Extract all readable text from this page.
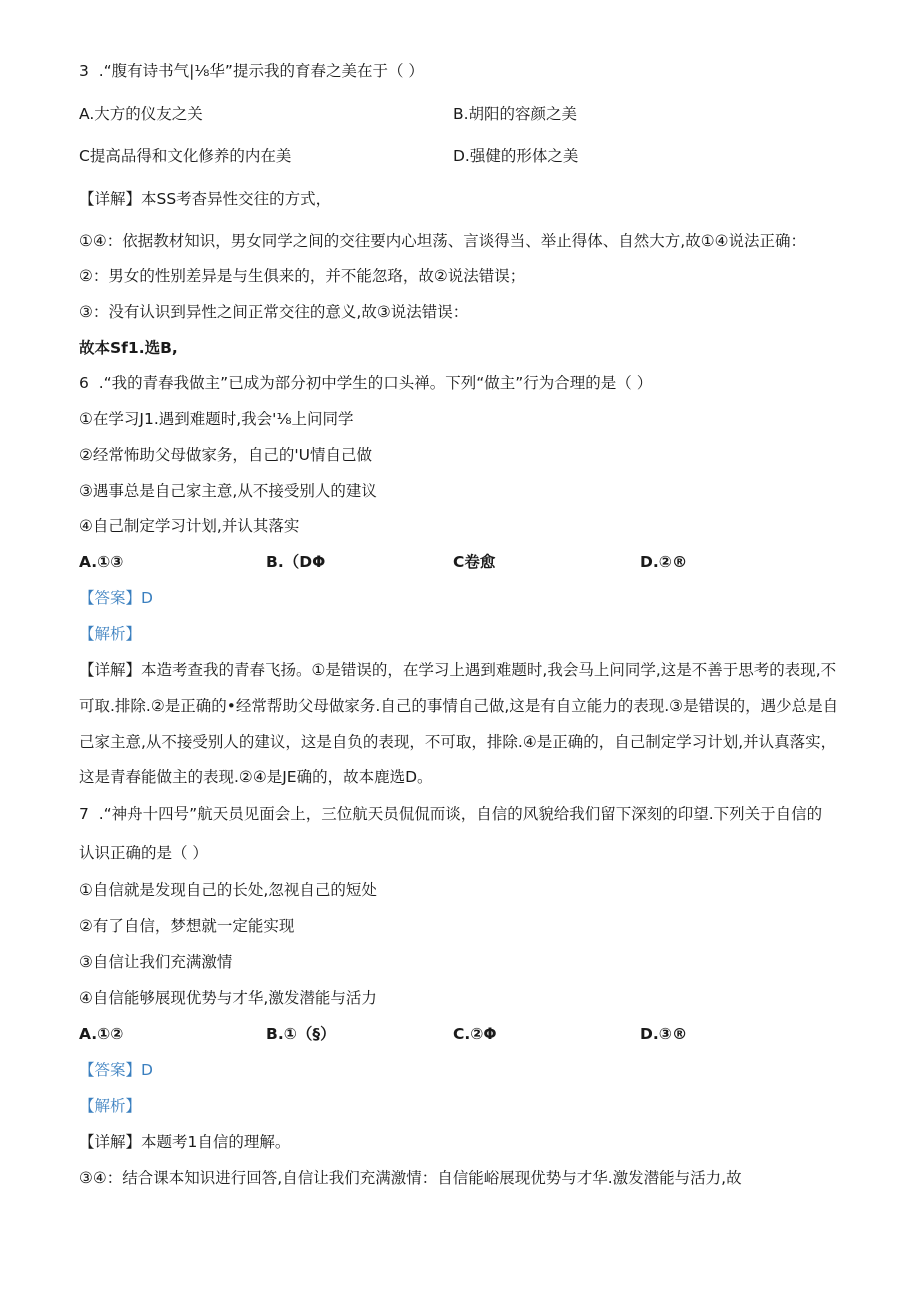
3  .“腹有诗书气|⅛华”提示我的育春之美在于（ ）
A.大方的仪友之关	B.胡阳的容颜之美
C提高品得和文化修养的内在美	D.强健的形体之美
【详解】本SS考杳异性交往的方式，
①④：依据教材知识，男女同学之间的交往要内心坦荡、言谈得当、举止得体、自然大方,故①④说法正确：
②：男女的性别差异是与生俱来的，并不能忽珞，故②说法错误；
③：没有认识到异性之间正常交往的意义,故③说法错误：
故本Sf1.选B,
6  .“我的青春我做主”已成为部分初中学生的口头禅。下列“做主”行为合理的是（ ）
①在学习J1.遇到难题时,我会'⅛上问同学
②经常怖助父母做家务，自己的'U情自己做
③遇事总是自己家主意,从不接受别人的建议
④自己制定学习计划,并认其落实
A.①③	B.（DΦ	C卷愈	D.②®
【答案】D
【解析】
【详解】本造考查我的青春飞扬。①是错误的，在学习上遇到难题时,我会马上问同学,这是不善于思考的表现,不
可取.排除.②是正确的•经常帮助父母做家务.自己的事情自己做,这是有自立能力的表现.③是错误的，遇少总是自
己家主意,从不接受别人的建议，这是自负的表现，不可取，排除.④是正确的，自己制定学习计划,并认真落实，
这是青春能做主的表现.②④是JE确的，故本鹿选D。
7  .“神舟十四号”航天员见面会上，三位航天员侃侃而谈，自信的风貌给我们留下深刻的印望.下列关于自信的
认识正确的是（ ）
①自信就是发现自己的长处,忽视自己的短处
②有了自信，梦想就一定能实现
③自信让我们充满激情
④自信能够展现优势与才华,激发潜能与活力
A.①②	B.①（§）	C.②Φ	D.③®
【答案】D
【解析】
【详解】本题考1自信的理解。
③④：结合课本知识进行回答,自信让我们充满激情：自信能峪展现优势与才华.激发潜能与活力,故
